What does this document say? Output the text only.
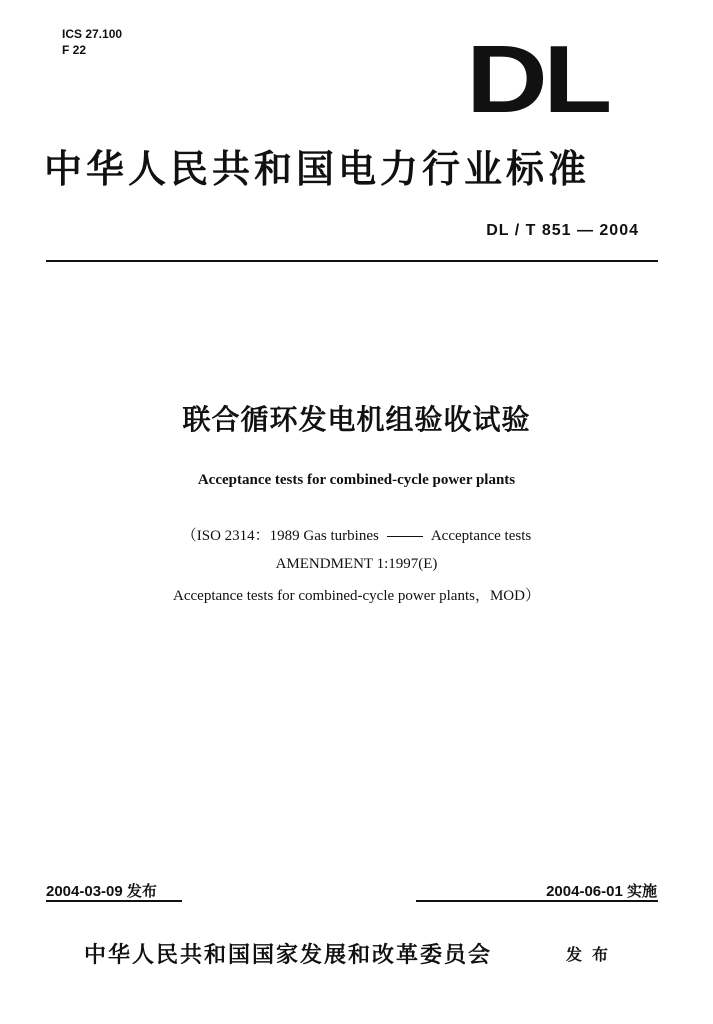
ICS 27.100
F 22	DL
中华人民共和国电力行业标准
DL / T 851 — 2004
联合循环发电机组验收试验
Acceptance tests for combined-cycle power plants
（ISO 2314：1989 Gas turbines	Acceptance tests
AMENDMENT 1:1997(E)
Acceptance tests for combined-cycle power plants，MOD）
2004-03-09 发布	2004-06-01 实施
中华人民共和国国家发展和改革委员会	发布
